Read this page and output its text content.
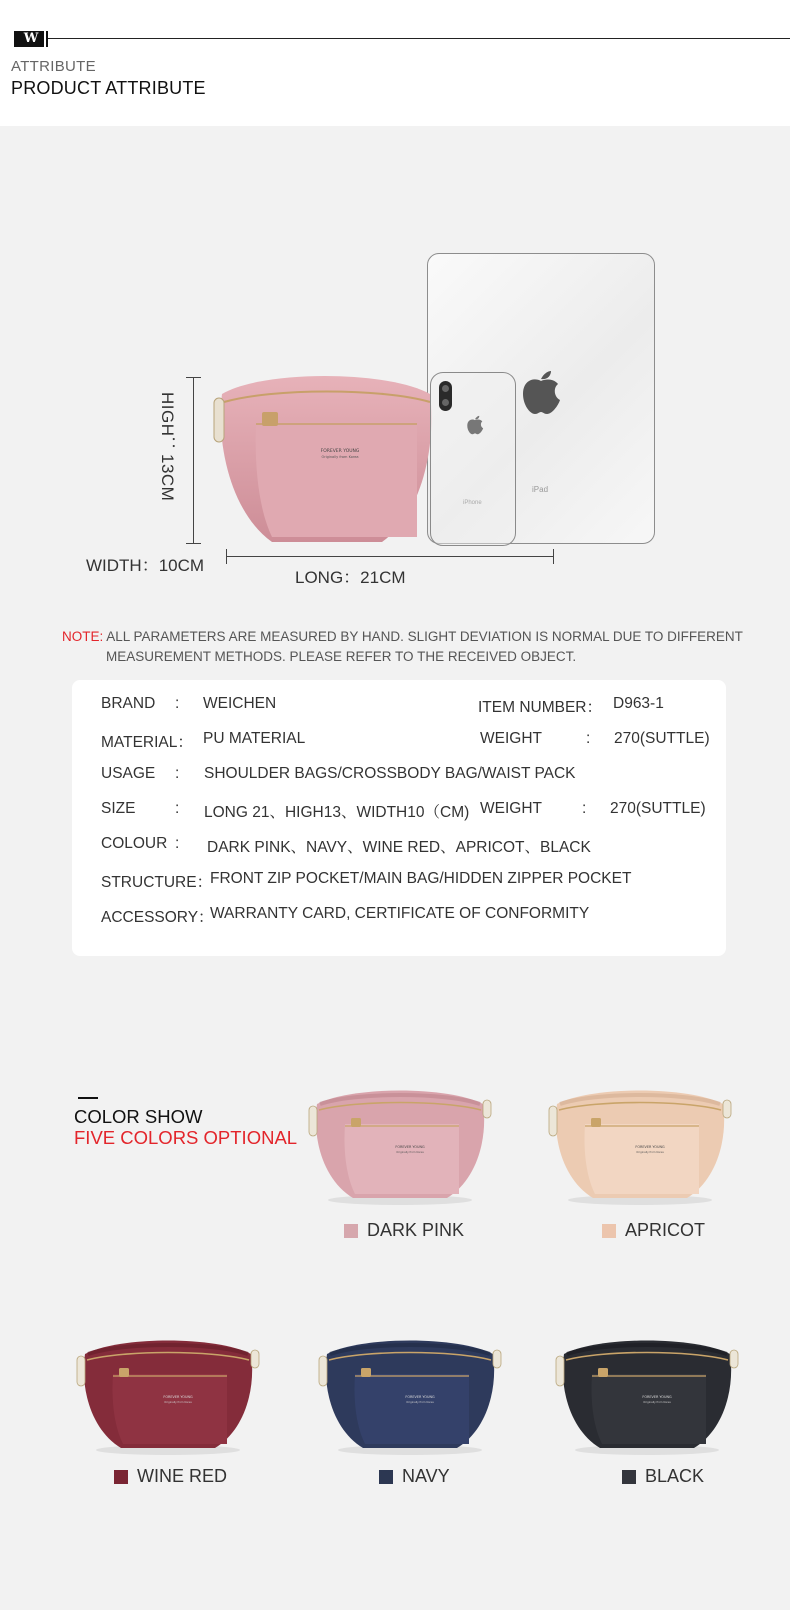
W
ATTRIBUTE
PRODUCT ATTRIBUTE
iPad
FOREVER YOUNG
Originally from Korea
iPhone
HIGH：13CM
WIDTH：10CM
LONG：21CM
NOTE: ALL PARAMETERS ARE MEASURED BY HAND. SLIGHT DEVIATION IS NORMAL DUE TO DIFFERENT
MEASUREMENT METHODS. PLEASE REFER TO THE RECEIVED OBJECT.
BRAND : WEICHEN	ITEM NUMBER： D963-1
MATERIAL： PU MATERIAL	WEIGHT	: 270(SUTTLE)
USAGE : SHOULDER BAGS/CROSSBODY BAG/WAIST PACK
SIZE	: LONG 21、HIGH13、WIDTH10（CM) WEIGHT	: 270(SUTTLE)
COLOUR : DARK PINK、NAVY、WINE RED、APRICOT、BLACK
STRUCTURE：
FRONT ZIP POCKET/MAIN BAG/HIDDEN ZIPPER POCKET
ACCESSORY：
WARRANTY CARD, CERTIFICATE OF CONFORMITY
COLOR SHOW
FIVE COLORS OPTIONAL	FOREVER YOUNG
Originally from Korea
FOREVER YOUNG
Originally from Korea
FOREVER YOUNG
Originally from Korea
FOREVER YOUNG
Originally from Korea
FOREVER YOUNG
Originally from Korea
DARK PINK	APRICOT
WINE RED	NAVY	BLACK
